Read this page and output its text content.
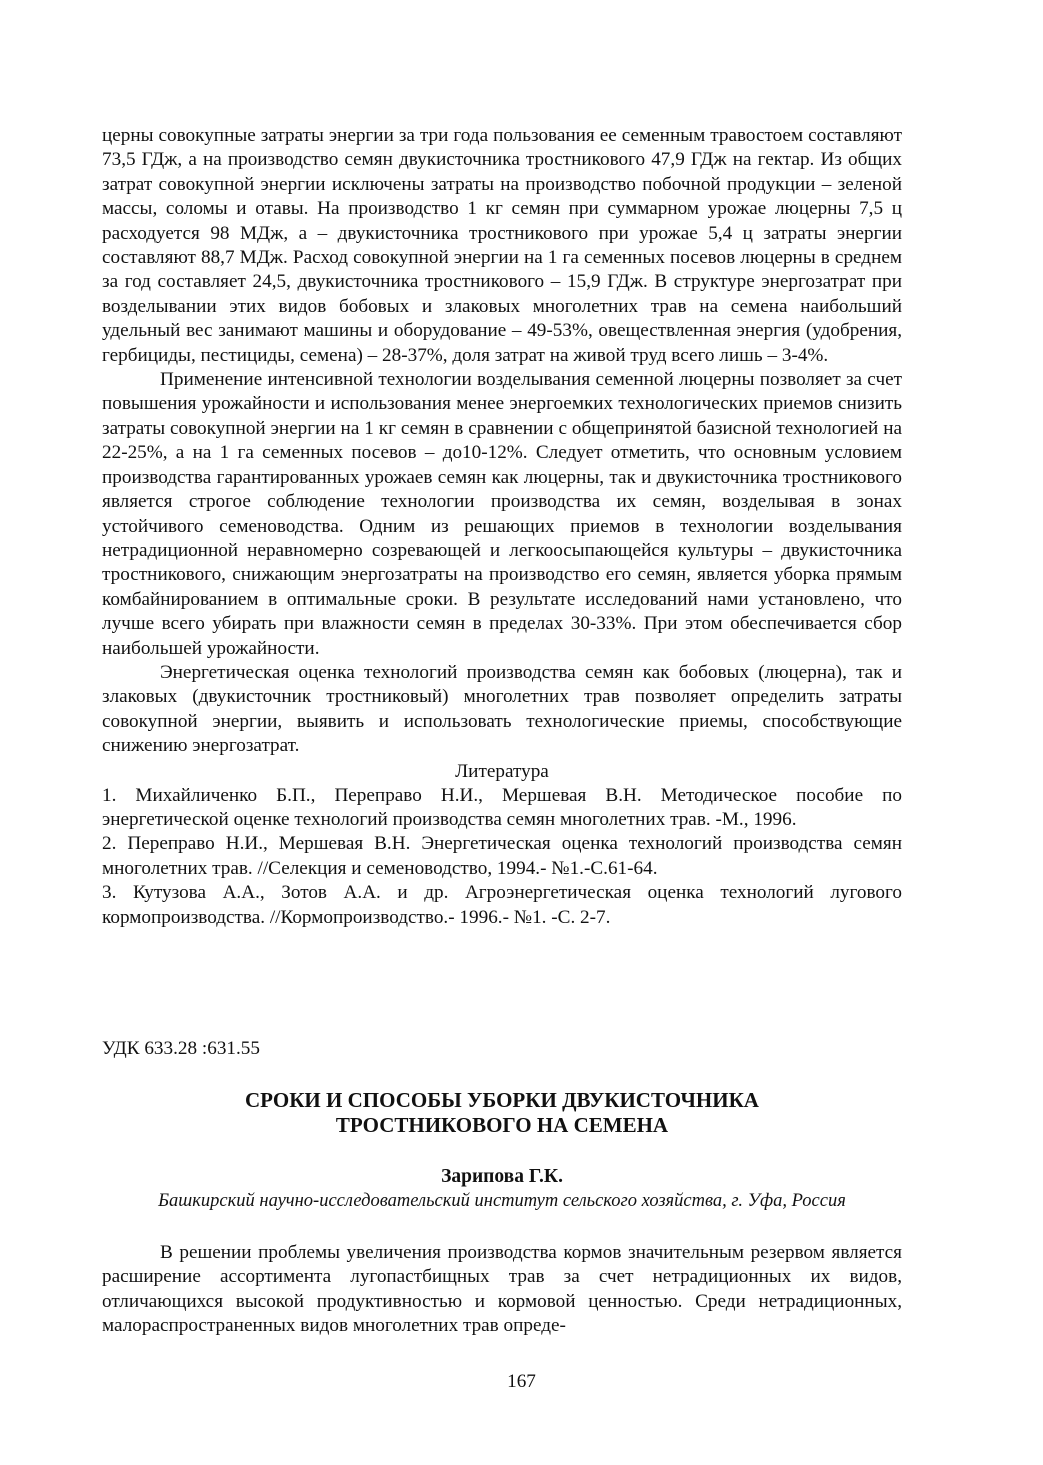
церны совокупные затраты энергии за три года пользования ее семенным травостоем составляют 73,5 ГДж, а на производство семян двукисточника тростникового 47,9 ГДж на гектар. Из общих затрат совокупной энергии исключены затраты на производство побочной продукции – зеленой массы, соломы и отавы. На производство 1 кг семян при суммарном урожае люцерны 7,5 ц расходуется 98 МДж, а – двукисточника тростникового при урожае 5,4 ц затраты энергии составляют 88,7 МДж. Расход совокупной энергии на 1 га семенных посевов люцерны в среднем за год составляет 24,5, двукисточника тростникового – 15,9 ГДж. В структуре энергозатрат при возделывании этих видов бобовых и злаковых многолетних трав на семена наибольший удельный вес занимают машины и оборудование – 49-53%, овеществленная энергия (удобрения, гербициды, пестициды, семена) – 28-37%, доля затрат на живой труд всего лишь – 3-4%.

Применение интенсивной технологии возделывания семенной люцерны позволяет за счет повышения урожайности и использования менее энергоемких технологических приемов снизить затраты совокупной энергии на 1 кг семян в сравнении с общепринятой базисной технологией на 22-25%, а на 1 га семенных посевов – до10-12%. Следует отметить, что основным условием производства гарантированных урожаев семян как люцерны, так и двукисточника тростникового является строгое соблюдение технологии производства их семян, возделывая в зонах устойчивого семеноводства. Одним из решающих приемов в технологии возделывания нетрадиционной неравномерно созревающей и легкоосыпающейся культуры – двукисточника тростникового, снижающим энергозатраты на производство его семян, является уборка прямым комбайнированием в оптимальные сроки. В результате исследований нами установлено, что лучше всего убирать при влажности семян в пределах 30-33%. При этом обеспечивается сбор наибольшей урожайности.

Энергетическая оценка технологий производства семян как бобовых (люцерна), так и злаковых (двукисточник тростниковый) многолетних трав позволяет определить затраты совокупной энергии, выявить и использовать технологические приемы, способствующие снижению энергозатрат.

Литература
1. Михайличенко Б.П., Переправо Н.И., Мершевая В.Н. Методическое пособие по энергетической оценке технологий производства семян многолетних трав. -М., 1996.
2. Переправо Н.И., Мершевая В.Н. Энергетическая оценка технологий производства семян многолетних трав. //Селекция и семеноводство, 1994.- №1.-С.61-64.
3. Кутузова А.А., Зотов А.А. и др. Агроэнергетическая оценка технологий лугового кормопроизводства. //Кормопроизводство.- 1996.- №1. -С. 2-7.
УДК 633.28 :631.55
СРОКИ И СПОСОБЫ УБОРКИ ДВУКИСТОЧНИКА
ТРОСТНИКОВОГО НА СЕМЕНА
Зарипова Г.К.
Башкирский научно-исследовательский институт сельского хозяйства, г. Уфа, Россия

В решении проблемы увеличения производства кормов значительным резервом является расширение ассортимента лугопастбищных трав за счет нетрадиционных их видов, отличающихся высокой продуктивностью и кормовой ценностью. Среди нетрадиционных, малораспространенных видов многолетних трав опреде-

167
